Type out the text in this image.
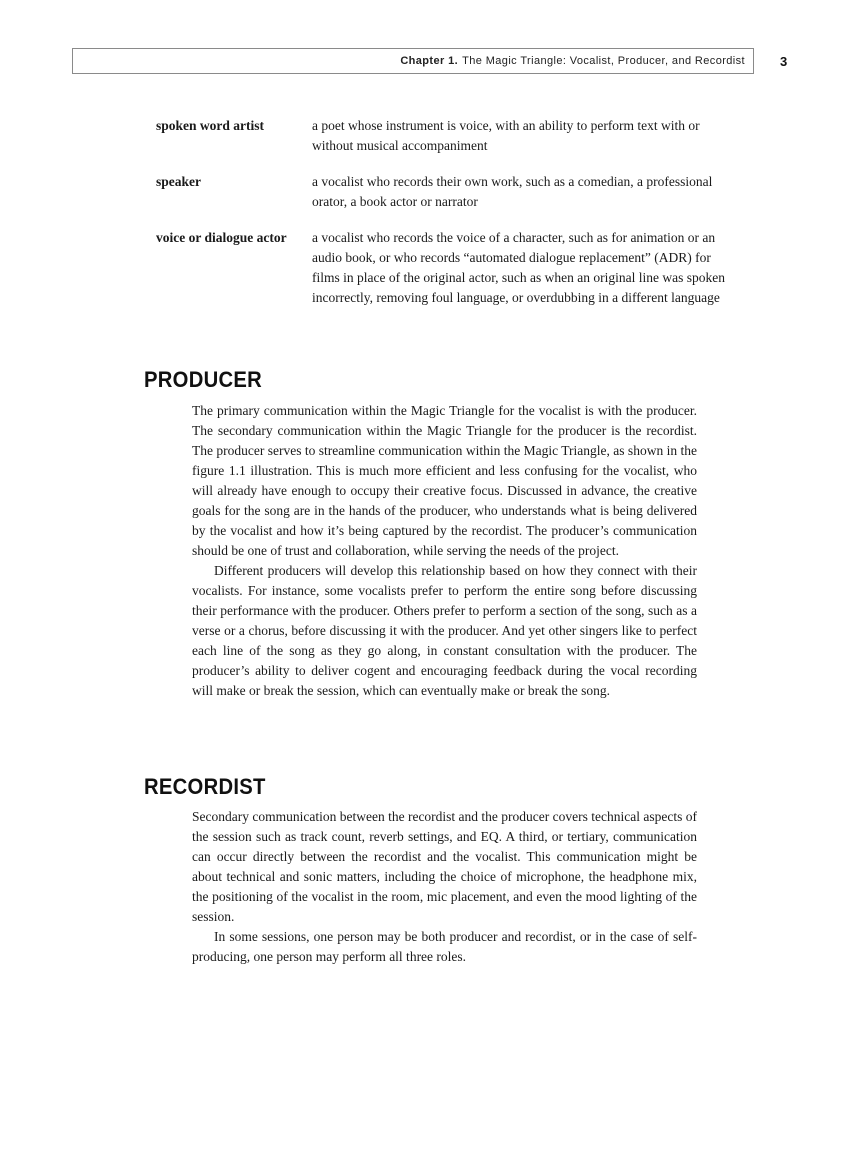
Chapter 1. The Magic Triangle: Vocalist, Producer, and Recordist	3
spoken word artist	a poet whose instrument is voice, with an ability to perform text with or without musical accompaniment
speaker	a vocalist who records their own work, such as a comedian, a professional orator, a book actor or narrator
voice or dialogue actor	a vocalist who records the voice of a character, such as for animation or an audio book, or who records “automated dialogue replacement” (ADR) for films in place of the original actor, such as when an original line was spoken incorrectly, removing foul language, or overdubbing in a different language
PRODUCER

The primary communication within the Magic Triangle for the vocalist is with the producer. The secondary communication within the Magic Triangle for the producer is the recordist. The producer serves to streamline communication within the Magic Triangle, as shown in the figure 1.1 illustration. This is much more efficient and less confusing for the vocalist, who will already have enough to occupy their creative focus. Discussed in advance, the creative goals for the song are in the hands of the producer, who understands what is being delivered by the vocalist and how it’s being captured by the recordist. The producer’s communication should be one of trust and collaboration, while serving the needs of the project.

Different producers will develop this relationship based on how they connect with their vocalists. For instance, some vocalists prefer to perform the entire song before discussing their performance with the producer. Others prefer to perform a section of the song, such as a verse or a chorus, before discussing it with the producer. And yet other singers like to perfect each line of the song as they go along, in constant consultation with the producer. The producer’s ability to deliver cogent and encouraging feedback during the vocal recording will make or break the session, which can eventually make or break the song.

RECORDIST

Secondary communication between the recordist and the producer covers technical aspects of the session such as track count, reverb settings, and EQ. A third, or tertiary, communication can occur directly between the recordist and the vocalist. This communication might be about technical and sonic matters, including the choice of microphone, the headphone mix, the positioning of the vocalist in the room, mic placement, and even the mood lighting of the session.

In some sessions, one person may be both producer and recordist, or in the case of self-producing, one person may perform all three roles.
